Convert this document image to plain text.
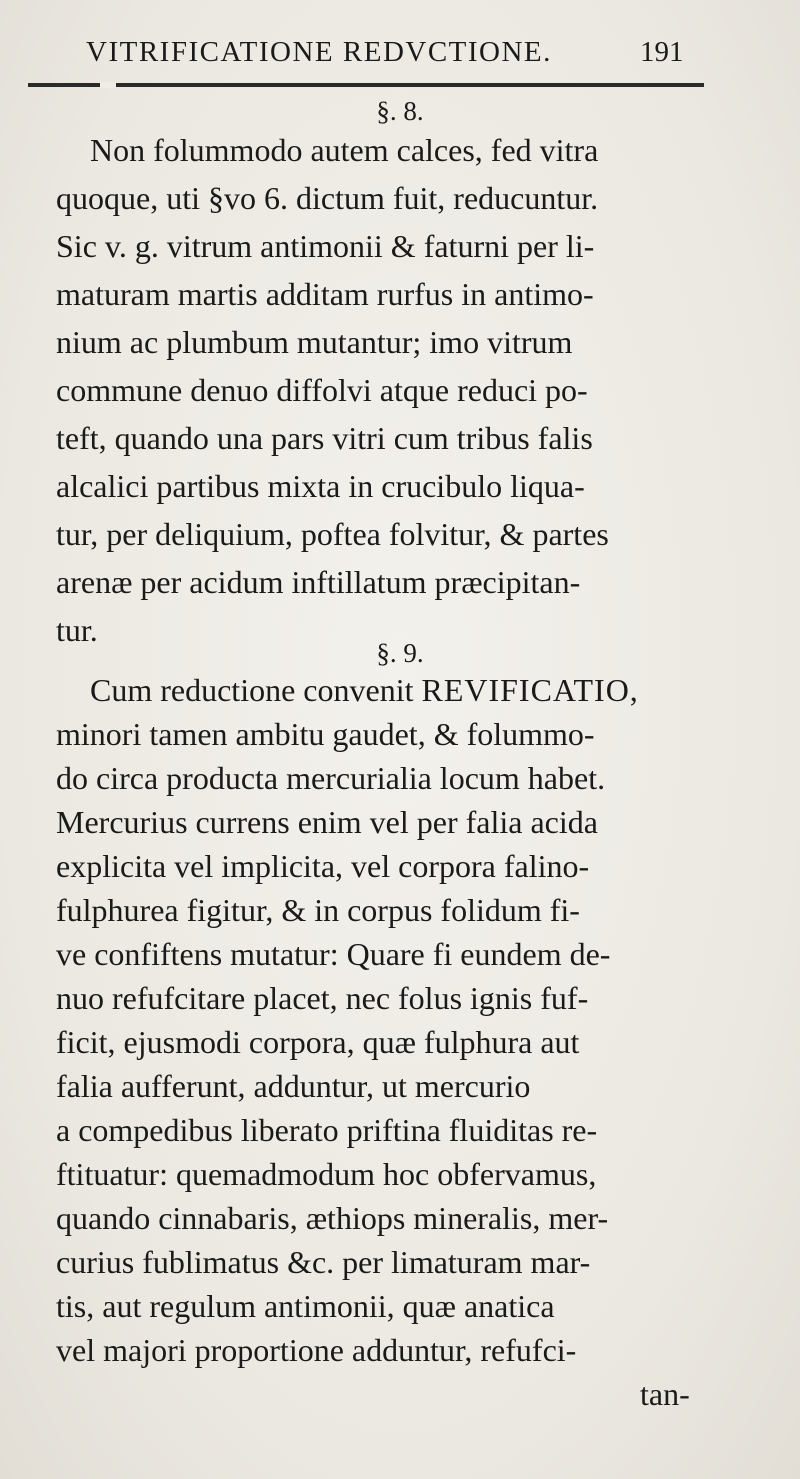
VITRIFICATIONE REDVCTIONE.	191
§. 8.
Non folummodo autem calces, fed vitra
quoque, uti §vo 6. dictum fuit, reducuntur.
Sic v. g. vitrum antimonii & faturni per li-
maturam martis additam rurfus in antimo-
nium ac plumbum mutantur; imo vitrum
commune denuo diffolvi atque reduci po-
teft, quando una pars vitri cum tribus falis
alcalici partibus mixta in crucibulo liqua-
tur, per deliquium, poftea folvitur, & partes
arenæ per acidum inftillatum præcipitan-
tur.
§. 9.
Cum reductione convenit REVIFICATIO,
minori tamen ambitu gaudet, & folummo-
do circa producta mercurialia locum habet.
Mercurius currens enim vel per falia acida
explicita vel implicita, vel corpora falino-
fulphurea figitur, & in corpus folidum fi-
ve confiftens mutatur: Quare fi eundem de-
nuo refufcitare placet, nec folus ignis fuf-
ficit, ejusmodi corpora, quæ fulphura aut
falia aufferunt, adduntur, ut mercurio
a compedibus liberato priftina fluiditas re-
ftituatur: quemadmodum hoc obfervamus,
quando cinnabaris, æthiops mineralis, mer-
curius fublimatus &c. per limaturam mar-
tis, aut regulum antimonii, quæ anatica
vel majori proportione adduntur, refufci-
tan-
